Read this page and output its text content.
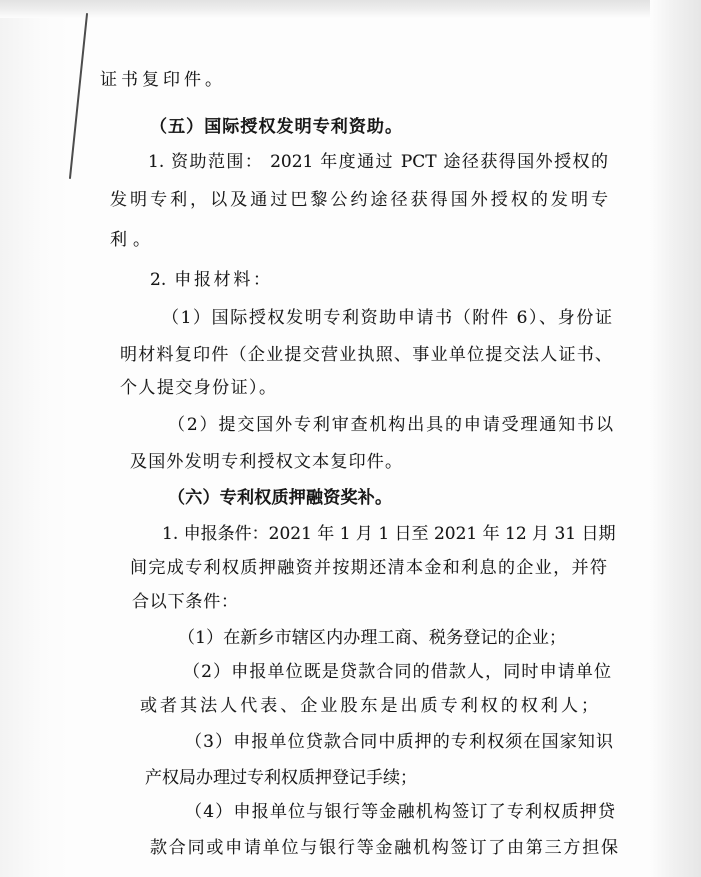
证书复印件。
（五）国际授权发明专利资助。
1. 资助范围： 2021 年度通过 PCT 途径获得国外授权的
发明专利，以及通过巴黎公约途径获得国外授权的发明专
利。
2. 申报材料：
（1）国际授权发明专利资助申请书（附件 6）、身份证
明材料复印件（企业提交营业执照、事业单位提交法人证书、
个人提交身份证）。
（2）提交国外专利审查机构出具的申请受理通知书以
及国外发明专利授权文本复印件。
（六）专利权质押融资奖补。
1. 申报条件：2021 年 1 月 1 日至 2021 年 12 月 31 日期
间完成专利权质押融资并按期还清本金和利息的企业，并符
合以下条件：
（1）在新乡市辖区内办理工商、税务登记的企业；
（2）申报单位既是贷款合同的借款人，同时申请单位
或者其法人代表、企业股东是出质专利权的权利人；
（3）申报单位贷款合同中质押的专利权须在国家知识
产权局办理过专利权质押登记手续；
（4）申报单位与银行等金融机构签订了专利权质押贷
款合同或申请单位与银行等金融机构签订了由第三方担保
